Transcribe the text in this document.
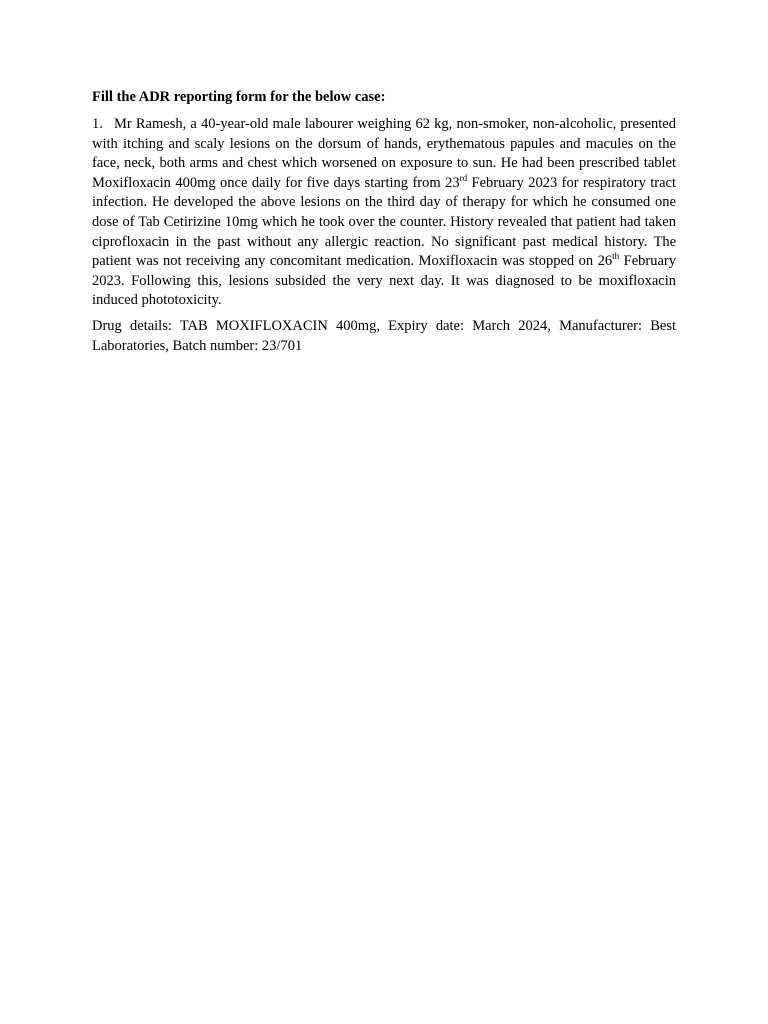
Fill the ADR reporting form for the below case:

1. Mr Ramesh, a 40-year-old male labourer weighing 62 kg, non-smoker, non-alcoholic, presented with itching and scaly lesions on the dorsum of hands, erythematous papules and macules on the face, neck, both arms and chest which worsened on exposure to sun. He had been prescribed tablet Moxifloxacin 400mg once daily for five days starting from 23rd February 2023 for respiratory tract infection. He developed the above lesions on the third day of therapy for which he consumed one dose of Tab Cetirizine 10mg which he took over the counter. History revealed that patient had taken ciprofloxacin in the past without any allergic reaction. No significant past medical history. The patient was not receiving any concomitant medication. Moxifloxacin was stopped on 26th February 2023. Following this, lesions subsided the very next day. It was diagnosed to be moxifloxacin induced phototoxicity.

Drug details: TAB MOXIFLOXACIN 400mg, Expiry date: March 2024, Manufacturer: Best Laboratories, Batch number: 23/701
